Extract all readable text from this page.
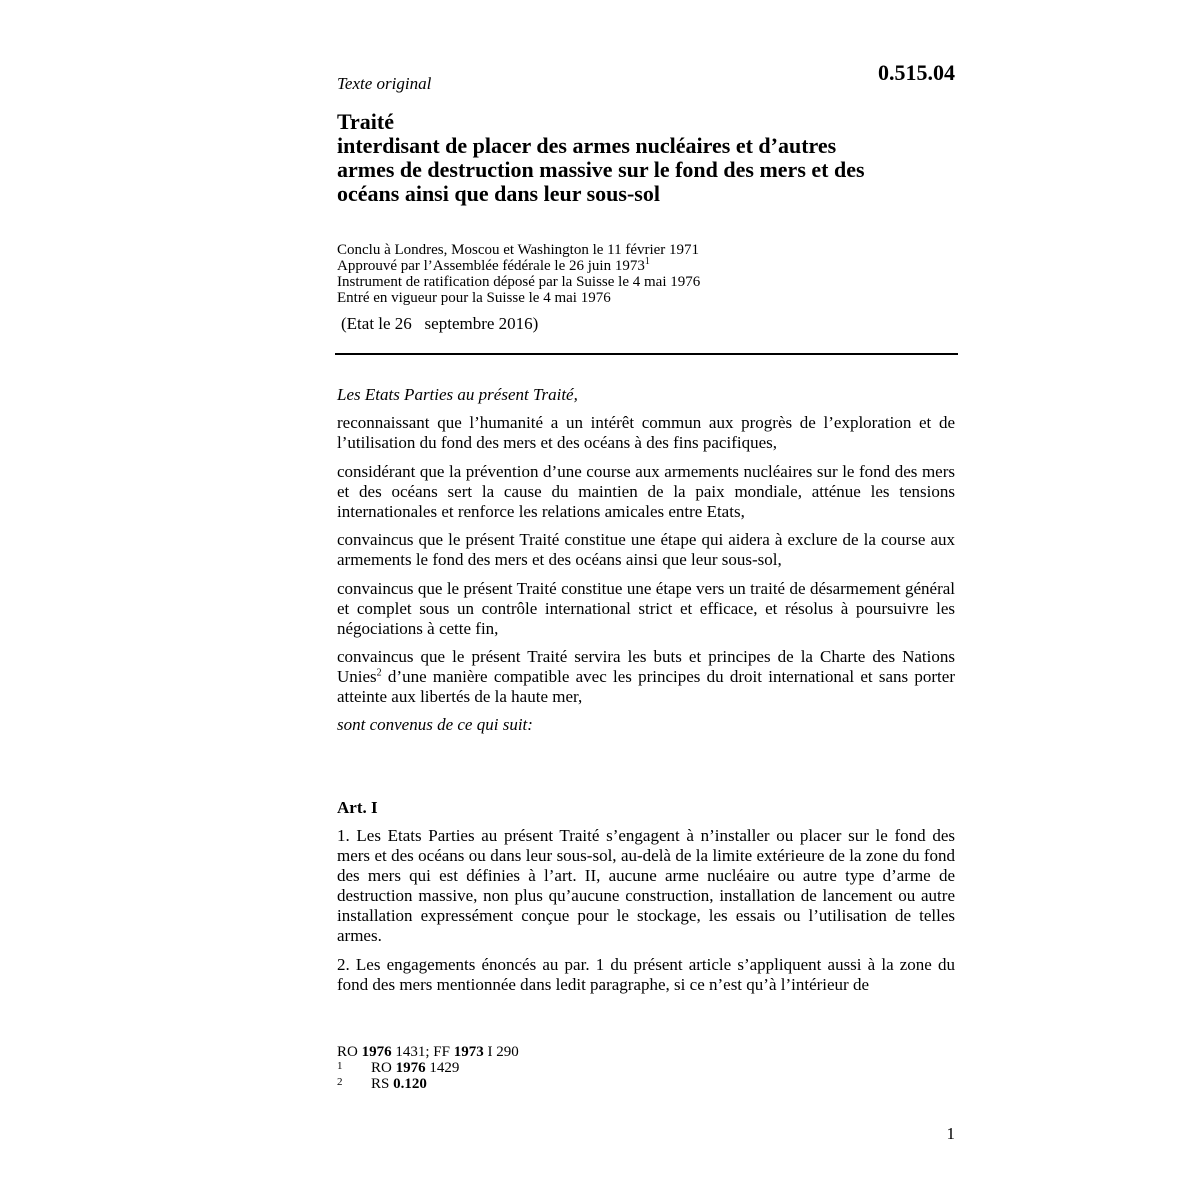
Texte original	0.515.04
Traité
interdisant de placer des armes nucléaires et d’autres
armes de destruction massive sur le fond des mers et des
océans ainsi que dans leur sous-sol
Conclu à Londres, Moscou et Washington le 11 février 1971
Approuvé par l’Assemblée fédérale le 26 juin 1973$^1$
Instrument de ratification déposé par la Suisse le 4 mai 1976
Entré en vigueur pour la Suisse le 4 mai 1976
(Etat le 26   septembre 2016)
Les Etats Parties au présent Traité,
reconnaissant que l’humanité a un intérêt commun aux progrès de l’exploration et de l’utilisation du fond des mers et des océans à des fins pacifiques,
considérant que la prévention d’une course aux armements nucléaires sur le fond des mers et des océans sert la cause du maintien de la paix mondiale, atténue les tensions internationales et renforce les relations amicales entre Etats,
convaincus que le présent Traité constitue une étape qui aidera à exclure de la course aux armements le fond des mers et des océans ainsi que leur sous-sol,
convaincus que le présent Traité constitue une étape vers un traité de désarmement général et complet sous un contrôle international strict et efficace, et résolus à poursuivre les négociations à cette fin,
convaincus que le présent Traité servira les buts et principes de la Charte des Nations Unies$^2$ d’une manière compatible avec les principes du droit international et sans porter atteinte aux libertés de la haute mer,
sont convenus de ce qui suit:
Art. I
1. Les Etats Parties au présent Traité s’engagent à n’installer ou placer sur le fond des mers et des océans ou dans leur sous-sol, au-delà de la limite extérieure de la zone du fond des mers qui est définies à l’art. II, aucune arme nucléaire ou autre type d’arme de destruction massive, non plus qu’aucune construction, installation de lancement ou autre installation expressément conçue pour le stockage, les essais ou l’utilisation de telles armes.
2. Les engagements énoncés au par. 1 du présent article s’appliquent aussi à la zone du fond des mers mentionnée dans ledit paragraphe, si ce n’est qu’à l’intérieur de
RO 1976 1431; FF 1973 I 290
1	RO 1976 1429
2	RS 0.120
1
